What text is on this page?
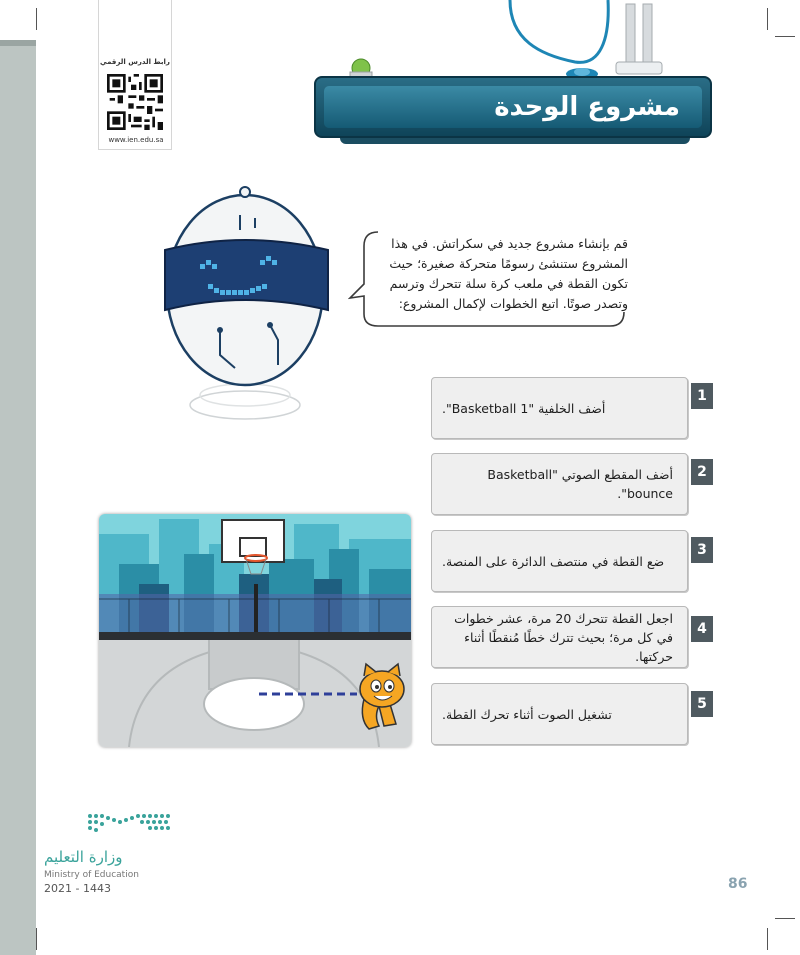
رابط الدرس الرقمي
www.ien.edu.sa
مشروع الوحدة
قم بإنشاء مشروع جديد في سكراتش. في هذا المشروع ستنشئ رسومًا متحركة صغيرة؛ حيث تكون القطة في ملعب كرة سلة تتحرك وترسم وتصدر صوتًا. اتبع الخطوات لإكمال المشروع:
أضف الخلفية "Basketball 1".
1
أضف المقطع الصوتي "Basketball bounce".
2
ضع القطة في منتصف الدائرة على المنصة.
3
اجعل القطة تتحرك 20 مرة، عشر خطوات في كل مرة؛ بحيث تترك خطًا مُنقطًا أثناء حركتها.
4
تشغيل الصوت أثناء تحرك القطة.
5
وزارة التعليم
Ministry of Education
2021 - 1443	86
